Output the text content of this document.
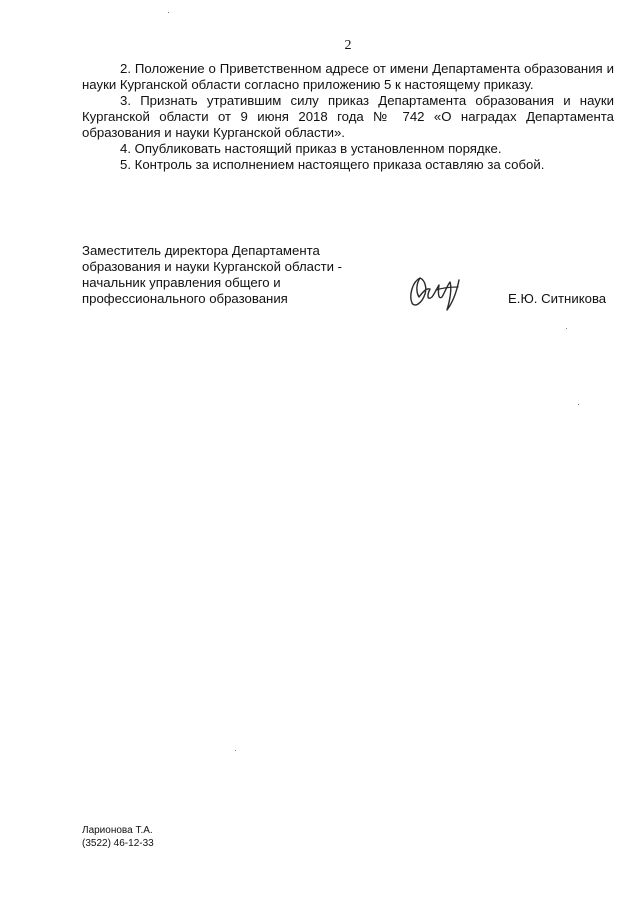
2

2. Положение о Приветственном адресе от имени Департамента образования и науки Курганской области согласно приложению 5 к настоящему приказу.

3. Признать утратившим силу приказ Департамента образования и науки Курганской области от 9 июня 2018 года № 742 «О наградах Департамента образования и науки Курганской области».

4. Опубликовать настоящий приказ в установленном порядке.

5. Контроль за исполнением настоящего приказа оставляю за собой.

Заместитель директора Департамента
образования и науки Курганской области -
начальник управления общего и
профессионального образования	Е.Ю. Ситникова
Ларионова Т.А.
(3522) 46-12-33
